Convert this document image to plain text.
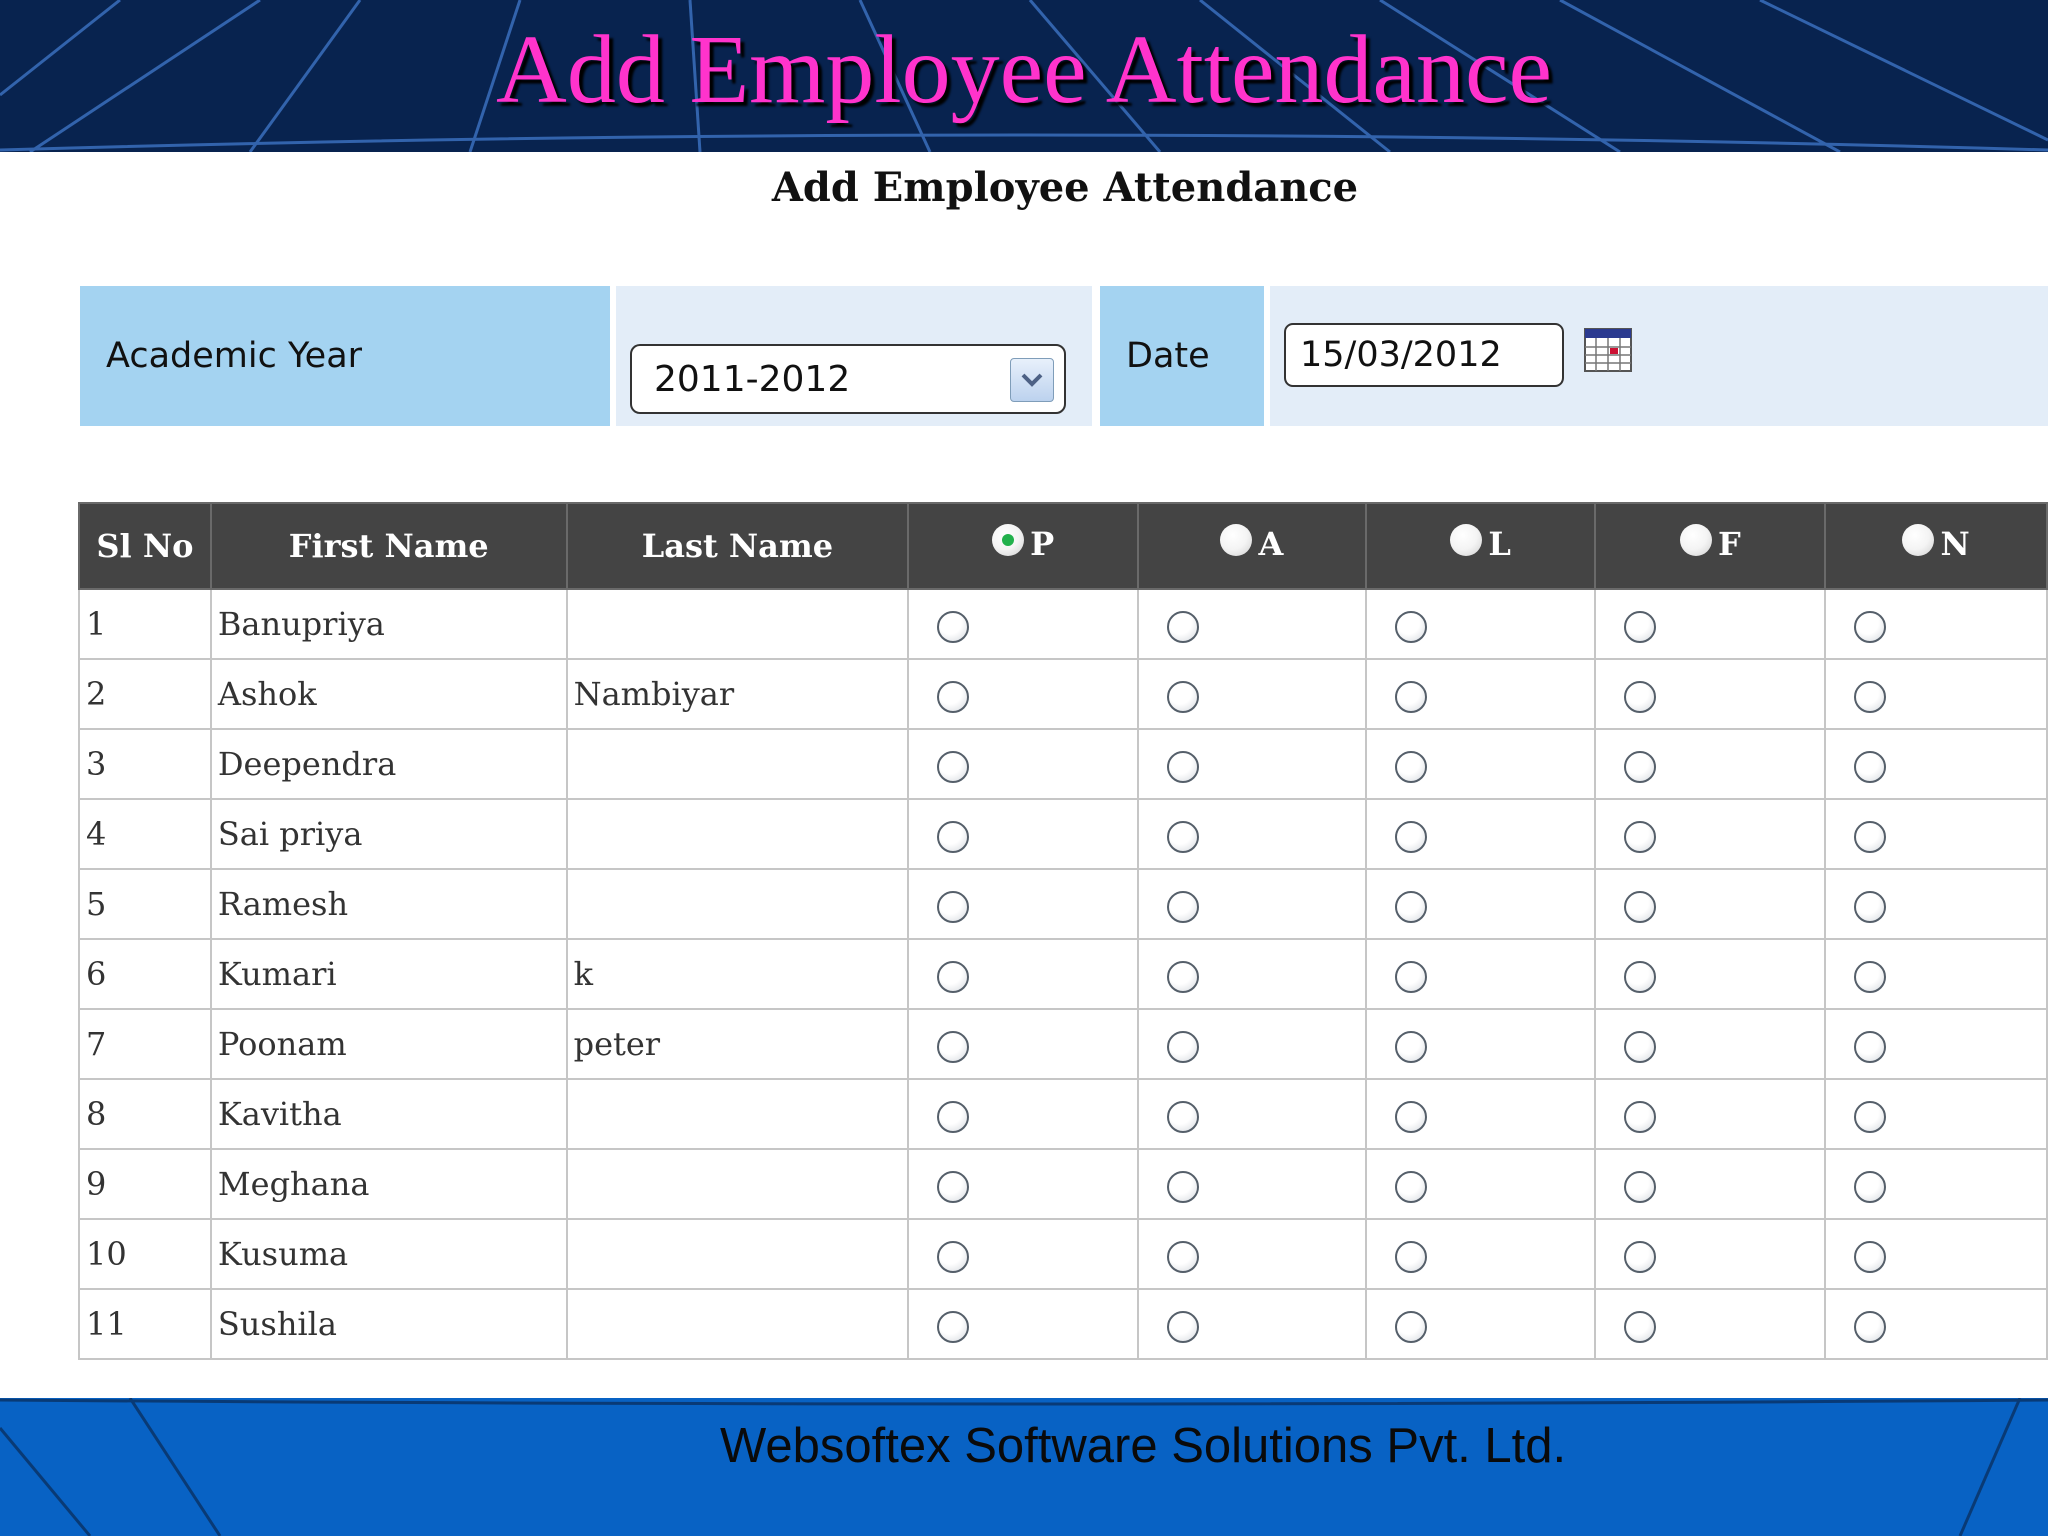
Add Employee Attendance
Add Employee Attendance
Academic Year
2011-2012
Date	15/03/2012
Sl No	First Name	Last Name	P	A	L	F	N

1	Banupriya						
2	Ashok	Nambiyar					
3	Deependra						
4	Sai priya						
5	Ramesh						
6	Kumari	k					
7	Poonam	peter					
8	Kavitha						
9	Meghana						
10	Kusuma						
11	Sushila						
Websoftex Software Solutions Pvt. Ltd.
